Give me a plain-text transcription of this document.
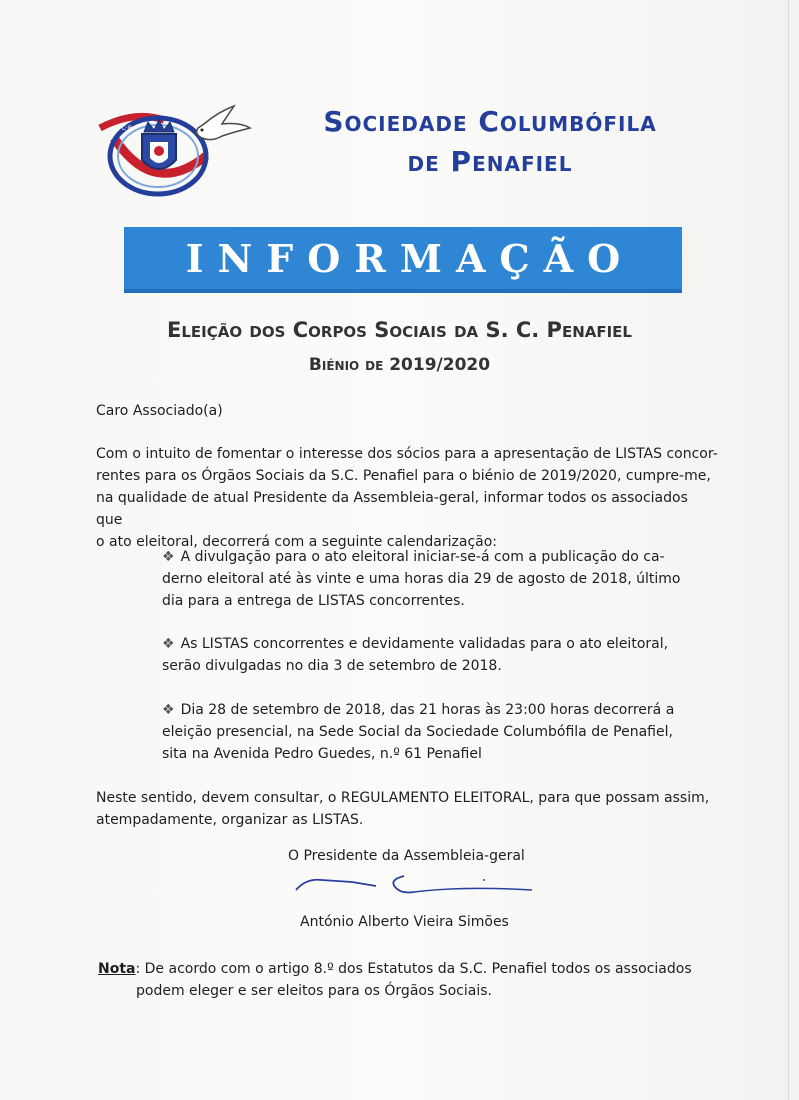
S·C·P	Sociedade Columbófila
de Penafiel
INFORMAÇÃO
Eleição dos Corpos Sociais da S. C. Penafiel
Biénio de 2019/2020
Caro Associado(a)
Com o intuito de fomentar o interesse dos sócios para a apresentação de LISTAS concor-
rentes para os Órgãos Sociais da S.C. Penafiel para o biénio de 2019/2020, cumpre-me,
na qualidade de atual Presidente da Assembleia-geral, informar todos os associados que
o ato eleitoral, decorrerá com a seguinte calendarização:
❖ A divulgação para o ato eleitoral iniciar-se-á com a publicação do ca-
derno eleitoral até às vinte e uma horas dia 29 de agosto de 2018, último
dia para a entrega de LISTAS concorrentes.
❖ As LISTAS concorrentes e devidamente validadas para o ato eleitoral,
serão divulgadas no dia 3 de setembro de 2018.
❖ Dia 28 de setembro de 2018, das 21 horas às 23:00 horas decorrerá a
eleição presencial, na Sede Social da Sociedade Columbófila de Penafiel,
sita na Avenida Pedro Guedes, n.º 61 Penafiel
Neste sentido, devem consultar, o REGULAMENTO ELEITORAL, para que possam assim,
atempadamente, organizar as LISTAS.
O Presidente da Assembleia-geral
António Alberto Vieira Simões
Nota: De acordo com o artigo 8.º dos Estatutos da S.C. Penafiel todos os associados
podem eleger e ser eleitos para os Órgãos Sociais.
